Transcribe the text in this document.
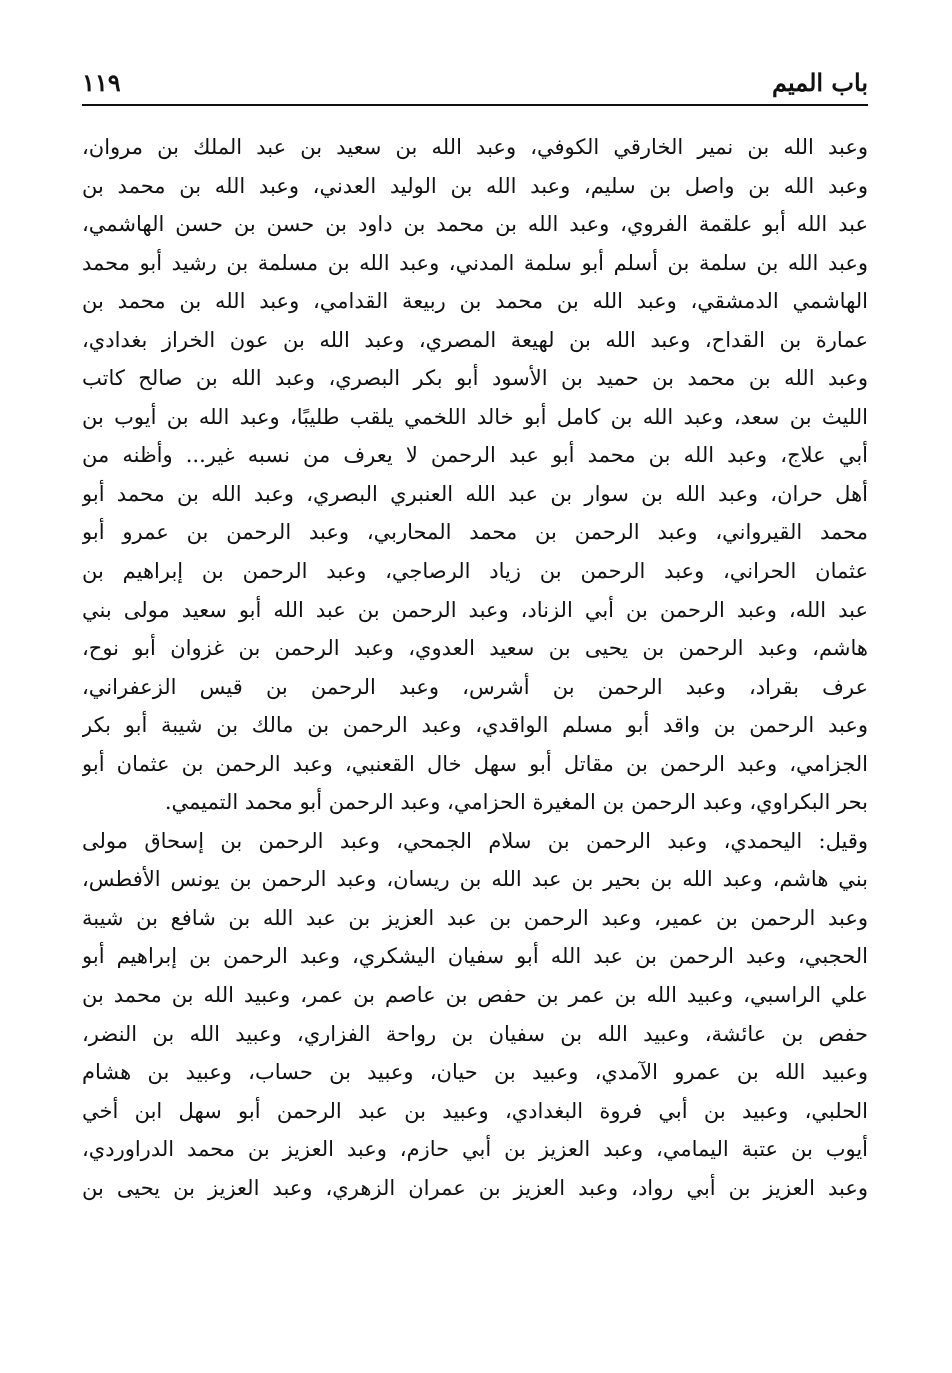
باب الميم
١١٩
وعبد الله بن نمير الخارقي الكوفي، وعبد الله بن سعيد بن عبد الملك بن مروان،
وعبد الله بن واصل بن سليم، وعبد الله بن الوليد العدني، وعبد الله بن محمد بن
عبد الله أبو علقمة الفروي، وعبد الله بن محمد بن داود بن حسن بن حسن الهاشمي،
وعبد الله بن سلمة بن أسلم أبو سلمة المدني، وعبد الله بن مسلمة بن رشيد أبو محمد
الهاشمي الدمشقي، وعبد الله بن محمد بن ربيعة القدامي، وعبد الله بن محمد بن
عمارة بن القداح، وعبد الله بن لهيعة المصري، وعبد الله بن عون الخراز بغدادي،
وعبد الله بن محمد بن حميد بن الأسود أبو بكر البصري، وعبد الله بن صالح كاتب
الليث بن سعد، وعبد الله بن كامل أبو خالد اللخمي يلقب طليبًا، وعبد الله بن أيوب بن
أبي علاج، وعبد الله بن محمد أبو عبد الرحمن لا يعرف من نسبه غير... وأظنه من
أهل حران، وعبد الله بن سوار بن عبد الله العنبري البصري، وعبد الله بن محمد أبو
محمد القيرواني، وعبد الرحمن بن محمد المحاربي، وعبد الرحمن بن عمرو أبو
عثمان الحراني، وعبد الرحمن بن زياد الرصاجي، وعبد الرحمن بن إبراهيم بن
عبد الله، وعبد الرحمن بن أبي الزناد، وعبد الرحمن بن عبد الله أبو سعيد مولى بني
هاشم، وعبد الرحمن بن يحيى بن سعيد العدوي، وعبد الرحمن بن غزوان أبو نوح،
عرف بقراد، وعبد الرحمن بن أشرس، وعبد الرحمن بن قيس الزعفراني،
وعبد الرحمن بن واقد أبو مسلم الواقدي، وعبد الرحمن بن مالك بن شيبة أبو بكر
الجزامي، وعبد الرحمن بن مقاتل أبو سهل خال القعنبي، وعبد الرحمن بن عثمان أبو
بحر البكراوي، وعبد الرحمن بن المغيرة الحزامي، وعبد الرحمن أبو محمد التميمي.
وقيل: اليحمدي، وعبد الرحمن بن سلام الجمحي، وعبد الرحمن بن إسحاق مولى
بني هاشم، وعبد الله بن بحير بن عبد الله بن ريسان، وعبد الرحمن بن يونس الأفطس،
وعبد الرحمن بن عمير، وعبد الرحمن بن عبد العزيز بن عبد الله بن شافع بن شيبة
الحجبي، وعبد الرحمن بن عبد الله أبو سفيان اليشكري، وعبد الرحمن بن إبراهيم أبو
علي الراسبي، وعبيد الله بن عمر بن حفص بن عاصم بن عمر، وعبيد الله بن محمد بن
حفص بن عائشة، وعبيد الله بن سفيان بن رواحة الفزاري، وعبيد الله بن النضر،
وعبيد الله بن عمرو الآمدي، وعبيد بن حيان، وعبيد بن حساب، وعبيد بن هشام
الحلبي، وعبيد بن أبي فروة البغدادي، وعبيد بن عبد الرحمن أبو سهل ابن أخي
أيوب بن عتبة اليمامي، وعبد العزيز بن أبي حازم، وعبد العزيز بن محمد الدراوردي،
وعبد العزيز بن أبي رواد، وعبد العزيز بن عمران الزهري، وعبد العزيز بن يحيى بن
